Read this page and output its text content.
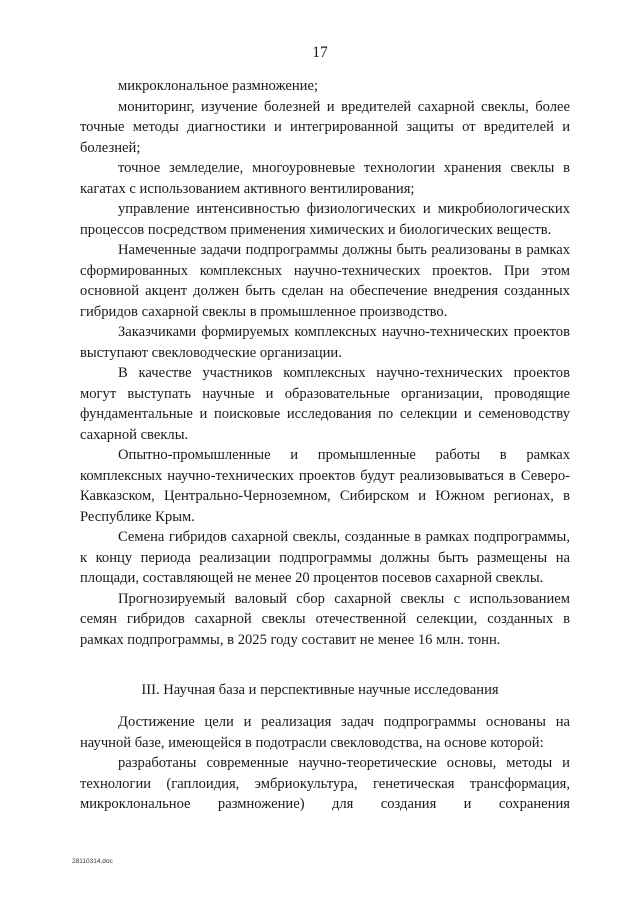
17

микроклональное размножение;

мониторинг, изучение болезней и вредителей сахарной свеклы, более точные методы диагностики и интегрированной защиты от вредителей и болезней;

точное земледелие, многоуровневые технологии хранения свеклы в кагатах с использованием активного вентилирования;

управление интенсивностью физиологических и микробиологических процессов посредством применения химических и биологических веществ.

Намеченные задачи подпрограммы должны быть реализованы в рамках сформированных комплексных научно-технических проектов. При этом основной акцент должен быть сделан на обеспечение внедрения созданных гибридов сахарной свеклы в промышленное производство.

Заказчиками формируемых комплексных научно-технических проектов выступают свекловодческие организации.

В качестве участников комплексных научно-технических проектов могут выступать научные и образовательные организации, проводящие фундаментальные и поисковые исследования по селекции и семеноводству сахарной свеклы.

Опытно-промышленные и промышленные работы в рамках комплексных научно-технических проектов будут реализовываться в Северо-Кавказском, Центрально-Черноземном, Сибирском и Южном регионах, в Республике Крым.

Семена гибридов сахарной свеклы, созданные в рамках подпрограммы, к концу периода реализации подпрограммы должны быть размещены на площади, составляющей не менее 20 процентов посевов сахарной свеклы.

Прогнозируемый валовый сбор сахарной свеклы с использованием семян гибридов сахарной свеклы отечественной селекции, созданных в рамках подпрограммы, в 2025 году составит не менее 16 млн. тонн.

III. Научная база и перспективные научные исследования

Достижение цели и реализация задач подпрограммы основаны на научной базе, имеющейся в подотрасли свекловодства, на основе которой:

разработаны современные научно-теоретические основы, методы и технологии (гаплоидия, эмбриокультура, генетическая трансформация, микроклональное размножение) для создания и сохранения

28110314.doc
